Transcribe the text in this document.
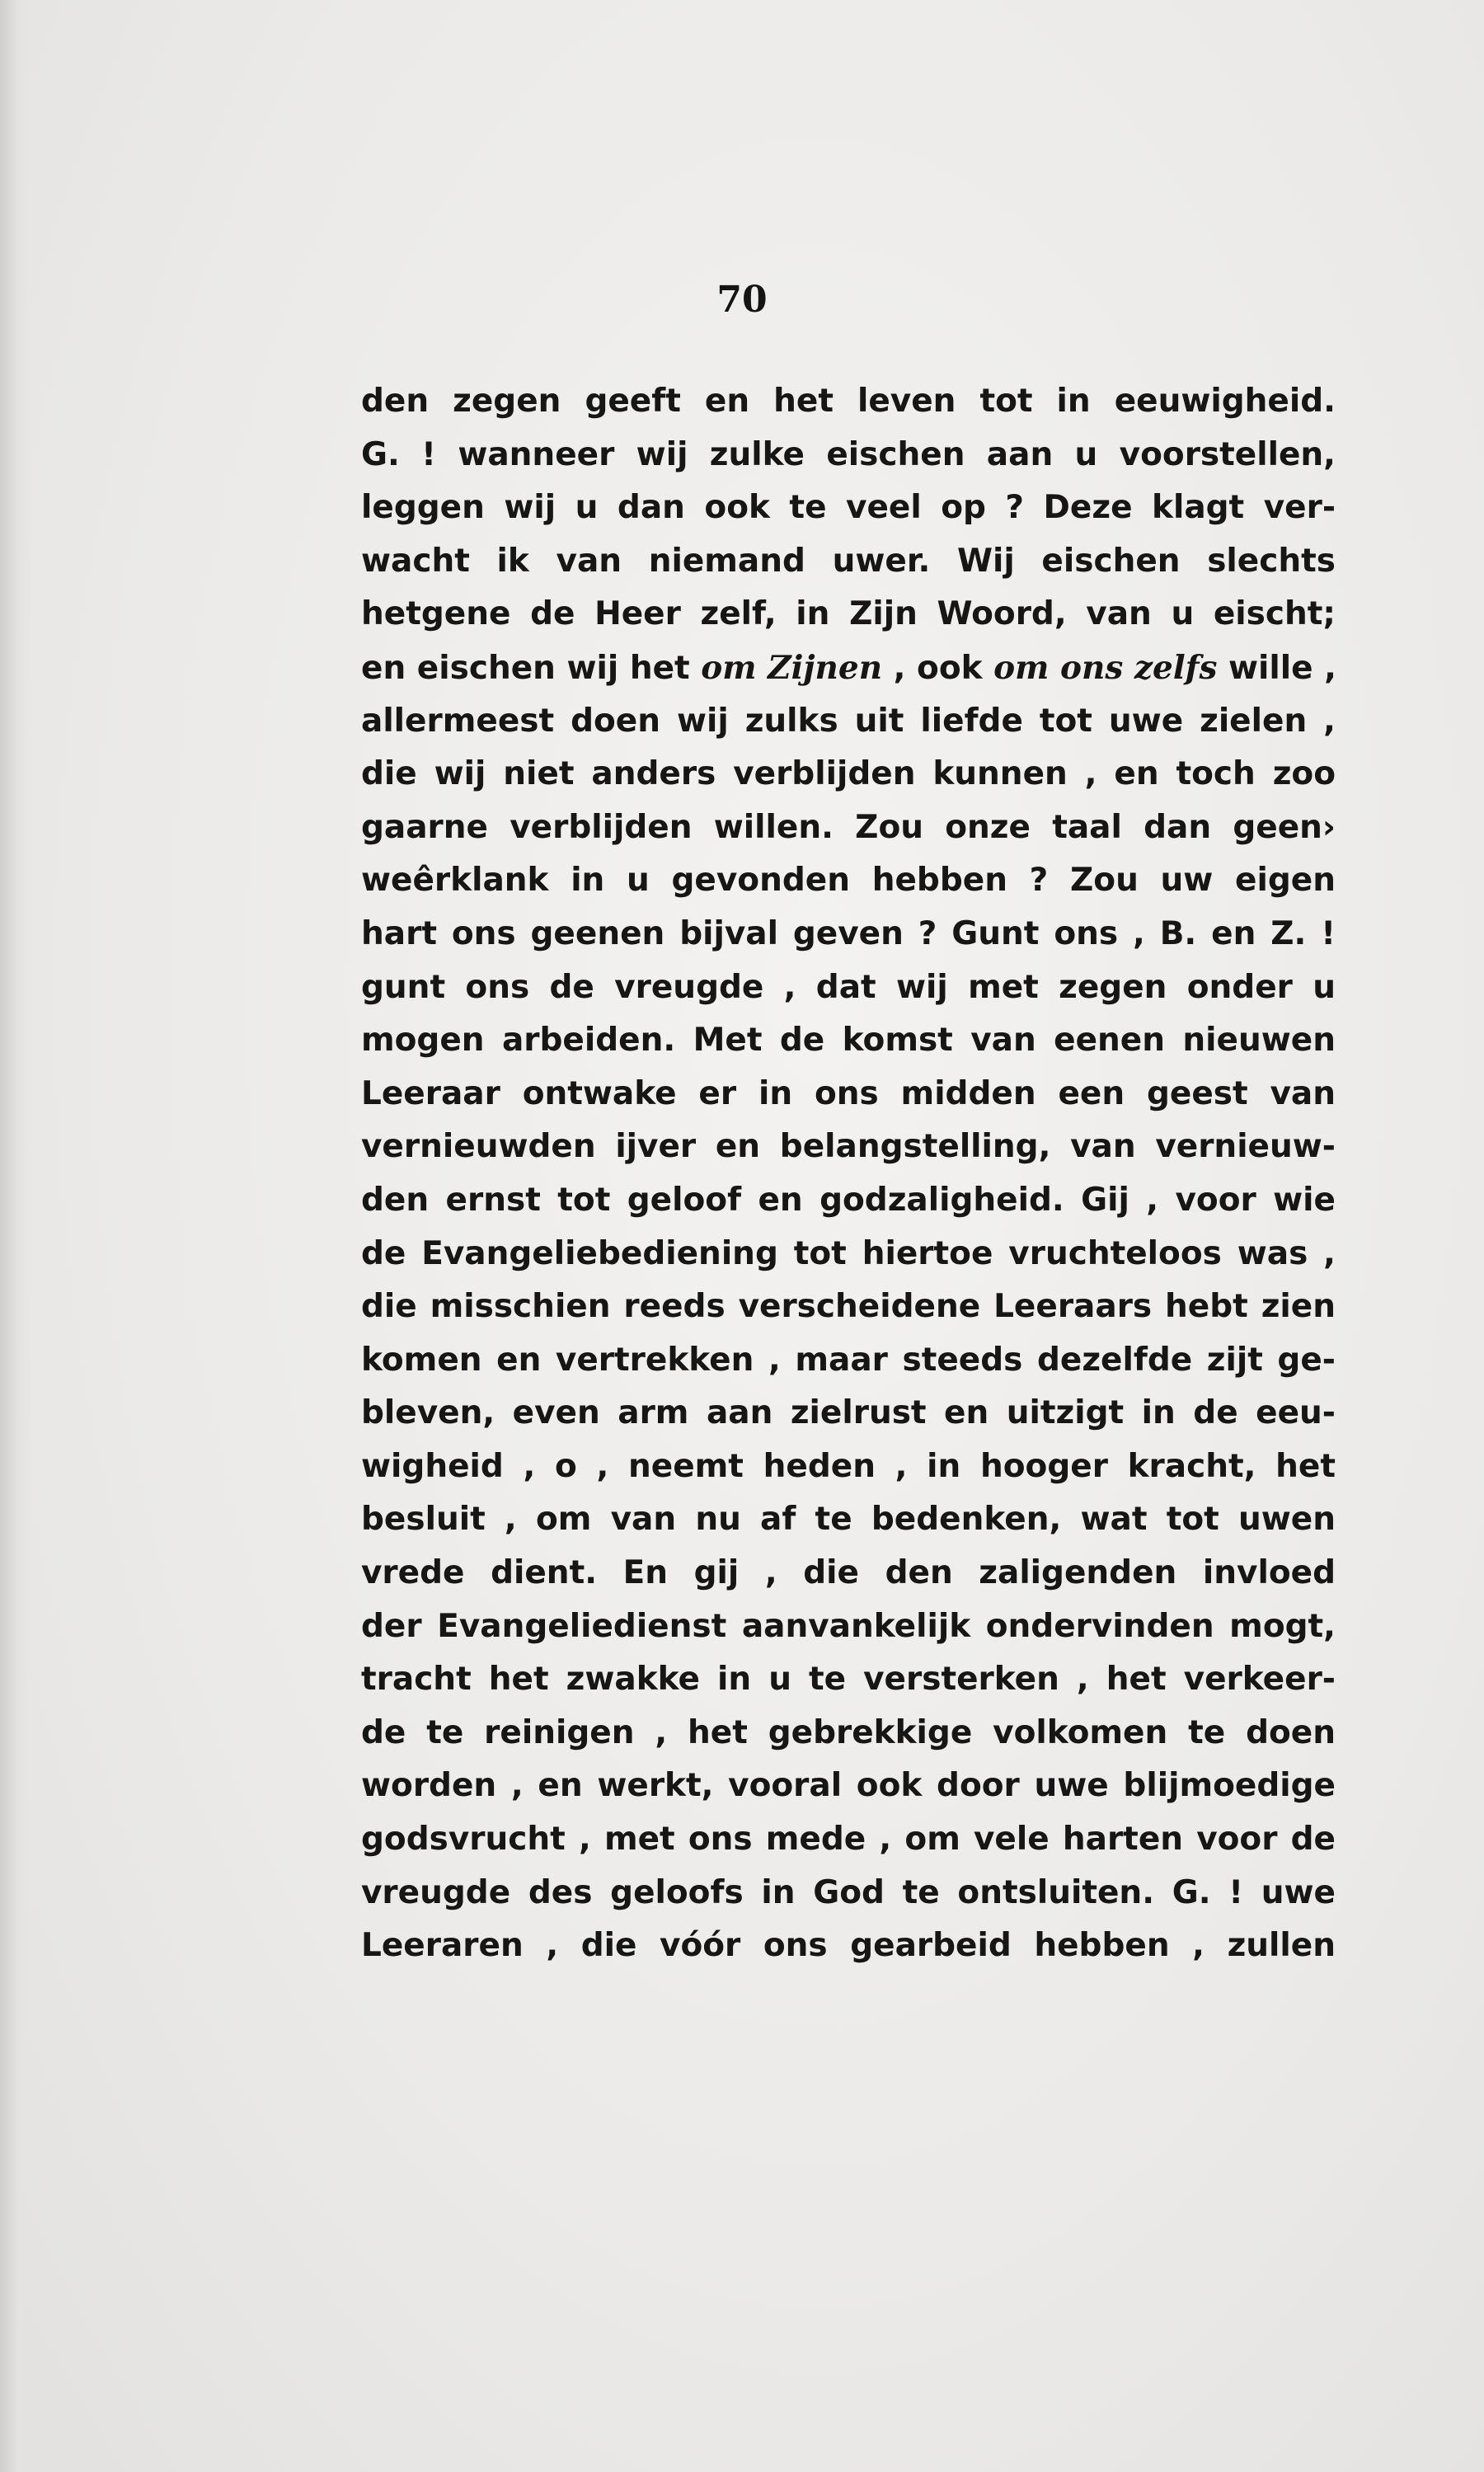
70
den zegen geeft en het leven tot in eeuwigheid.
G. ! wanneer wij zulke eischen aan u voorstellen,
leggen wij u dan ook te veel op ? Deze klagt ver-
wacht ik van niemand uwer. Wij eischen slechts
hetgene de Heer zelf, in Zijn Woord, van u eischt;
en eischen wij het om Zijnen , ook om ons zelfs wille ,
allermeest doen wij zulks uit liefde tot uwe zielen ,
die wij niet anders verblijden kunnen , en toch zoo
gaarne verblijden willen. Zou onze taal dan geen›
weêrklank in u gevonden hebben ? Zou uw eigen
hart ons geenen bijval geven ? Gunt ons , B. en Z. !
gunt ons de vreugde , dat wij met zegen onder u
mogen arbeiden. Met de komst van eenen nieuwen
Leeraar ontwake er in ons midden een geest van
vernieuwden ijver en belangstelling, van vernieuw-
den ernst tot geloof en godzaligheid. Gij , voor wie
de Evangeliebediening tot hiertoe vruchteloos was ,
die misschien reeds verscheidene Leeraars hebt zien
komen en vertrekken , maar steeds dezelfde zijt ge-
bleven, even arm aan zielrust en uitzigt in de eeu-
wigheid , o , neemt heden , in hooger kracht, het
besluit , om van nu af te bedenken, wat tot uwen
vrede dient. En gij , die den zaligenden invloed
der Evangeliedienst aanvankelijk ondervinden mogt,
tracht het zwakke in u te versterken , het verkeer-
de te reinigen , het gebrekkige volkomen te doen
worden , en werkt, vooral ook door uwe blijmoedige
godsvrucht , met ons mede , om vele harten voor de
vreugde des geloofs in God te ontsluiten. G. ! uwe
Leeraren , die vóór ons gearbeid hebben , zullen
